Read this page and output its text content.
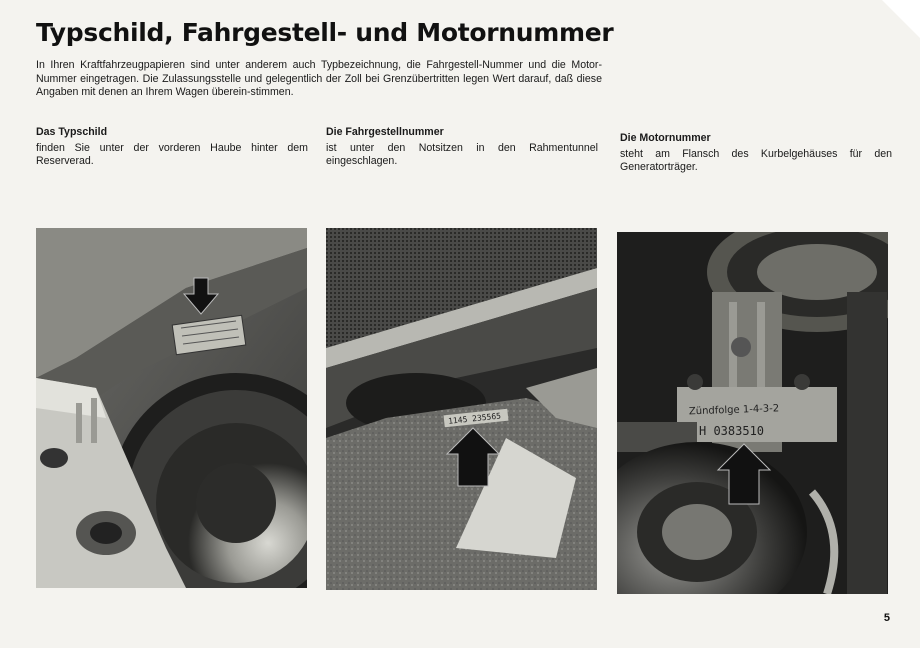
Typschild, Fahrgestell- und Motornummer
In Ihren Kraftfahrzeugpapieren sind unter anderem auch Typbezeichnung, die Fahrgestell-Nummer und die Motor-Nummer eingetragen. Die Zulassungsstelle und gelegentlich der Zoll bei Grenzübertritten legen Wert darauf, daß diese Angaben mit denen an Ihrem Wagen überein-stimmen.
Das Typschild

finden Sie unter der vorderen Haube hinter dem Reserverad.

Die Fahrgestellnummer

ist unter den Notsitzen in den Rahmentunnel eingeschlagen.

Die Motornummer

steht am Flansch des Kurbelgehäuses für den Generatorträger.

1145 235565
Zündfolge 1-4-3-2
H 0383510
5
